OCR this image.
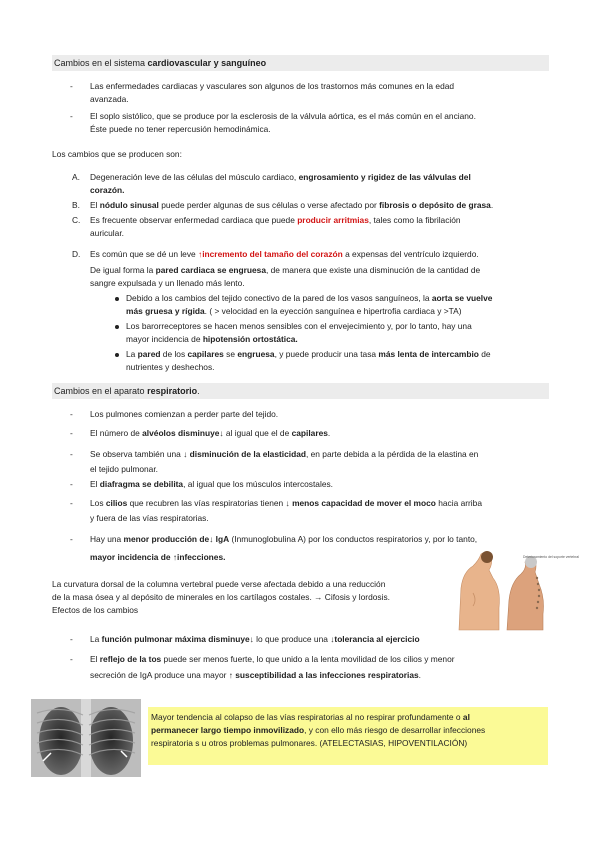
Cambios en el sistema cardiovascular y sanguíneo
- Las enfermedades cardiacas y vasculares son algunos de los trastornos más comunes en la edad
avanzada.
- El soplo sistólico, que se produce por la esclerosis de la válvula aórtica, es el más común en el anciano.
Éste puede no tener repercusión hemodinámica.
Los cambios que se producen son:
A. Degeneración leve de las células del músculo cardiaco, engrosamiento y rigidez de las válvulas del
corazón.
B. El nódulo sinusal puede perder algunas de sus células o verse afectado por fibrosis o depósito de grasa.
C. Es frecuente observar enfermedad cardiaca que puede producir arritmias, tales como la fibrilación
auricular.
D. Es común que se dé un leve ↑incremento del tamaño del corazón a expensas del ventrículo izquierdo.
De igual forma la pared cardiaca se engruesa, de manera que existe una disminución de la cantidad de
sangre expulsada y un llenado más lento.
Debido a los cambios del tejido conectivo de la pared de los vasos sanguíneos, la aorta se vuelve
más gruesa y rígida. ( > velocidad en la eyección sanguínea e hipertrofia cardiaca y >TA)
Los barorreceptores se hacen menos sensibles con el envejecimiento y, por lo tanto, hay una
mayor incidencia de hipotensión ortostática.
La pared de los capilares se engruesa, y puede producir una tasa más lenta de intercambio de
nutrientes y deshechos.
Cambios en el aparato respiratorio.
- Los pulmones comienzan a perder parte del tejido.
- El número de alvéolos disminuye↓ al igual que el de capilares.
- Se observa también una ↓ disminución de la elasticidad, en parte debida a la pérdida de la elastina en
el tejido pulmonar.
- El diafragma se debilita, al igual que los músculos intercostales.
- Los cilios que recubren las vías respiratorias tienen ↓ menos capacidad de mover el moco hacia arriba
y fuera de las vías respiratorias.
- Hay una menor producción de↓ IgA (Inmunoglobulina A) por los conductos respiratorios y, por lo tanto,
mayor incidencia de ↑infecciones.	Deterioramiento del soporte vertebral
La curvatura dorsal de la columna vertebral puede verse afectada debido a una reducción
de la masa ósea y al depósito de minerales en los cartílagos costales. → Cifosis y lordosis.
Efectos de los cambios
- La función pulmonar máxima disminuye↓ lo que produce una ↓tolerancia al ejercicio
- El reflejo de la tos puede ser menos fuerte, lo que unido a la lenta movilidad de los cilios y menor
secreción de IgA produce una mayor ↑ susceptibilidad a las infecciones respiratorias.
Mayor tendencia al colapso de las vías respiratorias al no respirar profundamente o al
permanecer largo tiempo inmovilizado, y con ello más riesgo de desarrollar infecciones
respiratoria s u otros problemas pulmonares. (ATELECTASIAS, HIPOVENTILACIÓN)
